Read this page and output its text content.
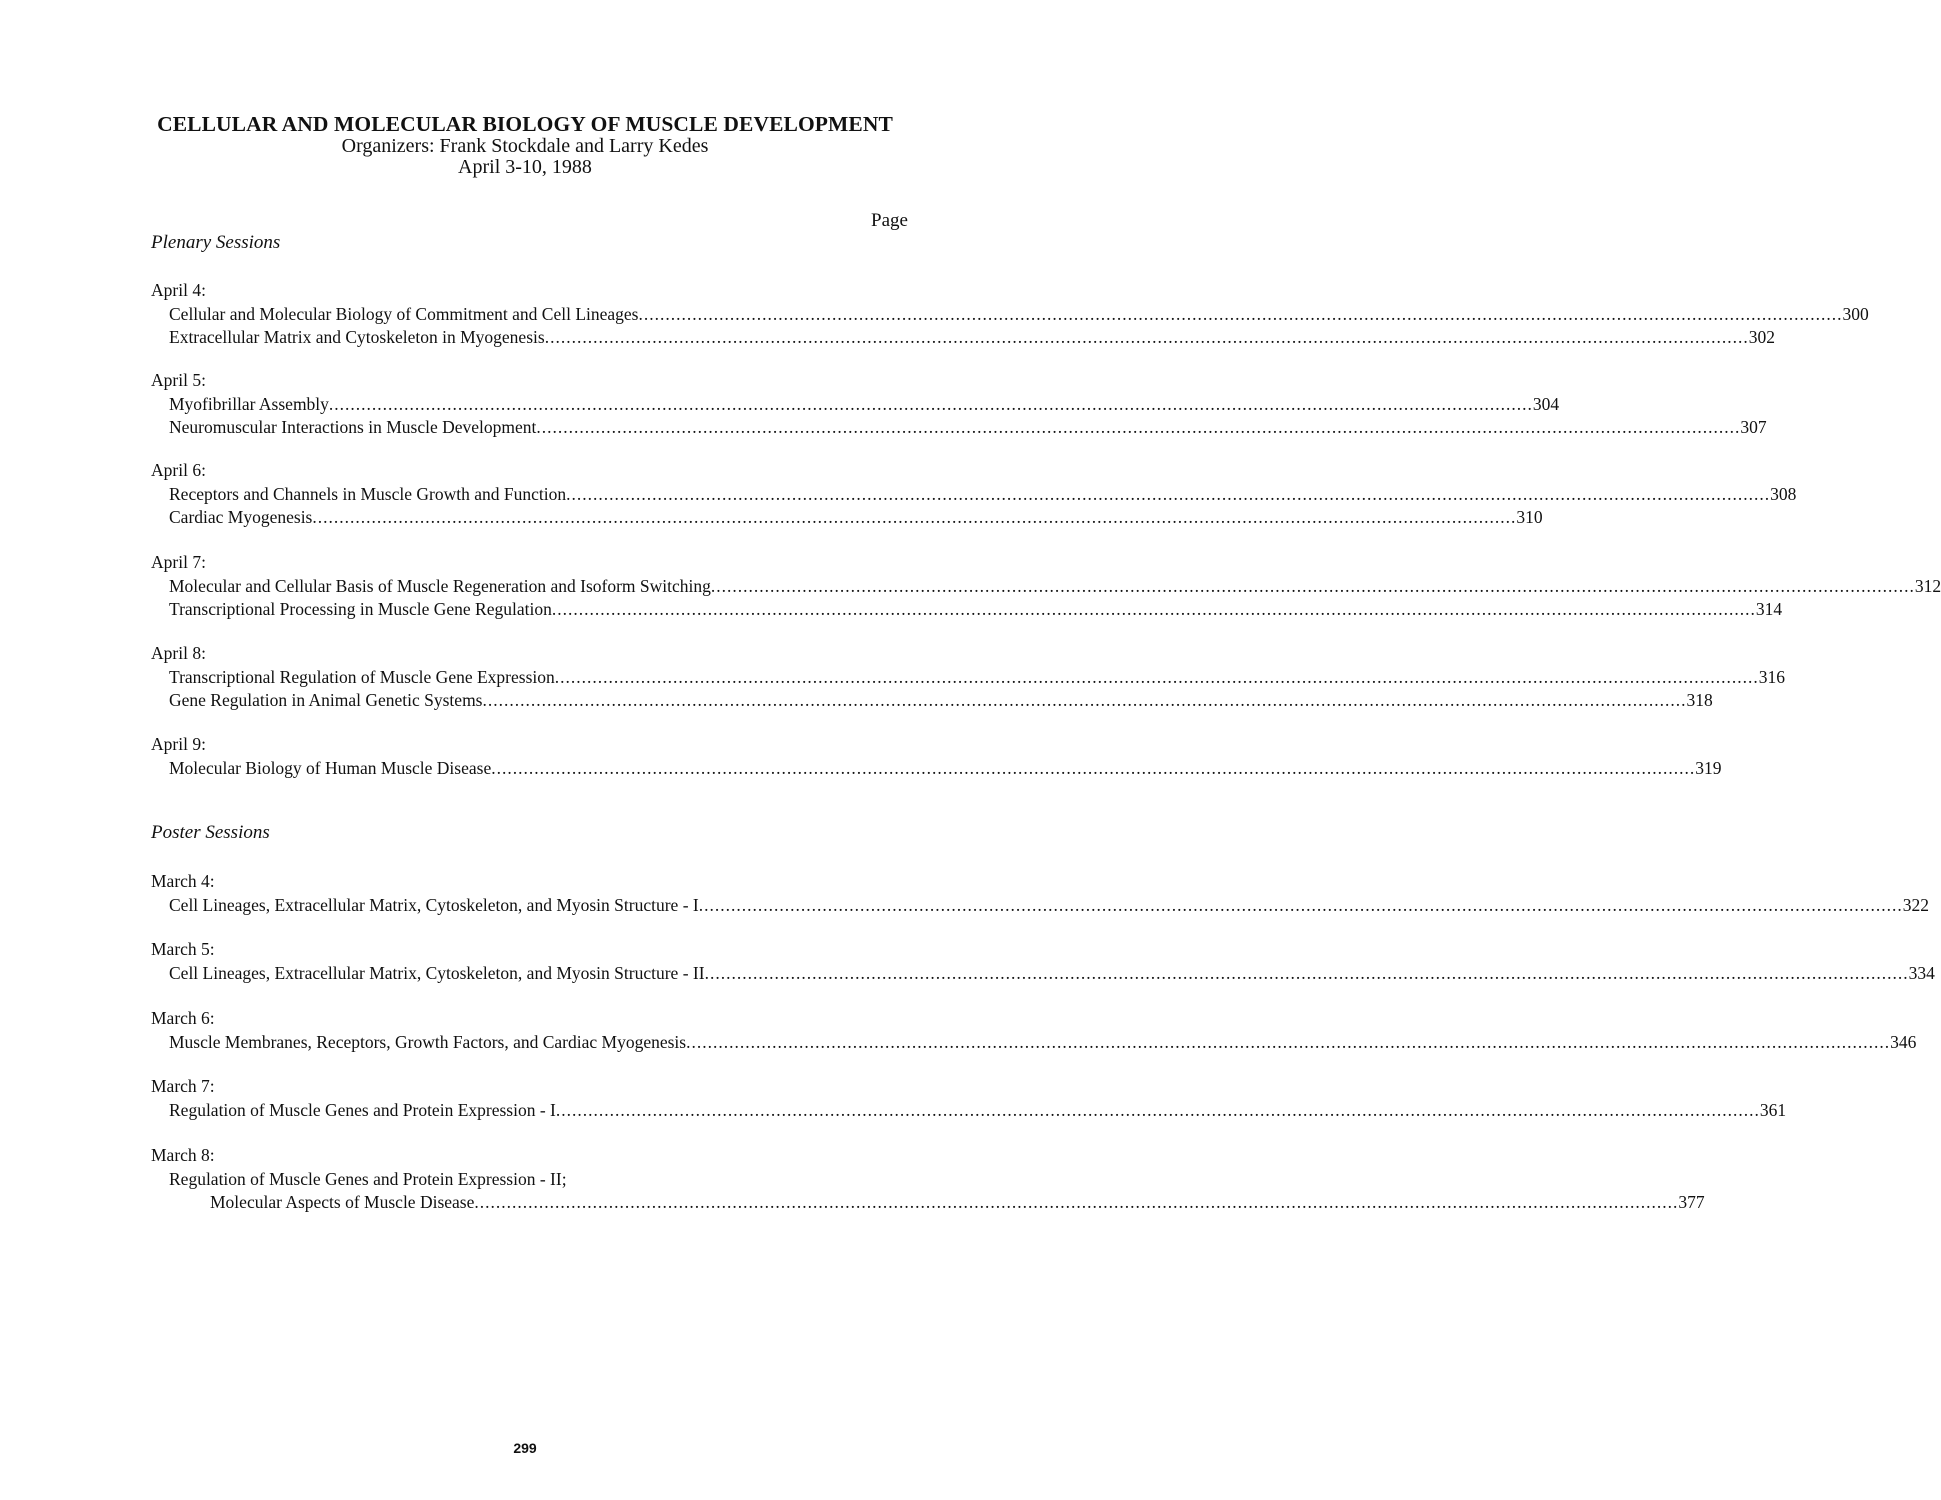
CELLULAR AND MOLECULAR BIOLOGY OF MUSCLE DEVELOPMENT
Organizers: Frank Stockdale and Larry Kedes
April 3-10, 1988
Page
Plenary Sessions
April 4:
Cellular and Molecular Biology of Commitment and Cell Lineages .....	300
Extracellular Matrix and Cytoskeleton in Myogenesis .....	302
April 5:
Myofibrillar Assembly .....	304
Neuromuscular Interactions in Muscle Development .....	307
April 6:
Receptors and Channels in Muscle Growth and Function .....	308
Cardiac Myogenesis .....	310
April 7:
Molecular and Cellular Basis of Muscle Regeneration and Isoform Switching .....	312
Transcriptional Processing in Muscle Gene Regulation .....	314
April 8:
Transcriptional Regulation of Muscle Gene Expression .....	316
Gene Regulation in Animal Genetic Systems .....	318
April 9:
Molecular Biology of Human Muscle Disease .....	319
Poster Sessions
March 4:
Cell Lineages, Extracellular Matrix, Cytoskeleton, and Myosin Structure - I .....	322
March 5:
Cell Lineages, Extracellular Matrix, Cytoskeleton, and Myosin Structure - II .....	334
March 6:
Muscle Membranes, Receptors, Growth Factors, and Cardiac Myogenesis .....	346
March 7:
Regulation of Muscle Genes and Protein Expression - I .....	361
March 8:
Regulation of Muscle Genes and Protein Expression - II;
Molecular Aspects of Muscle Disease .....	377
299
